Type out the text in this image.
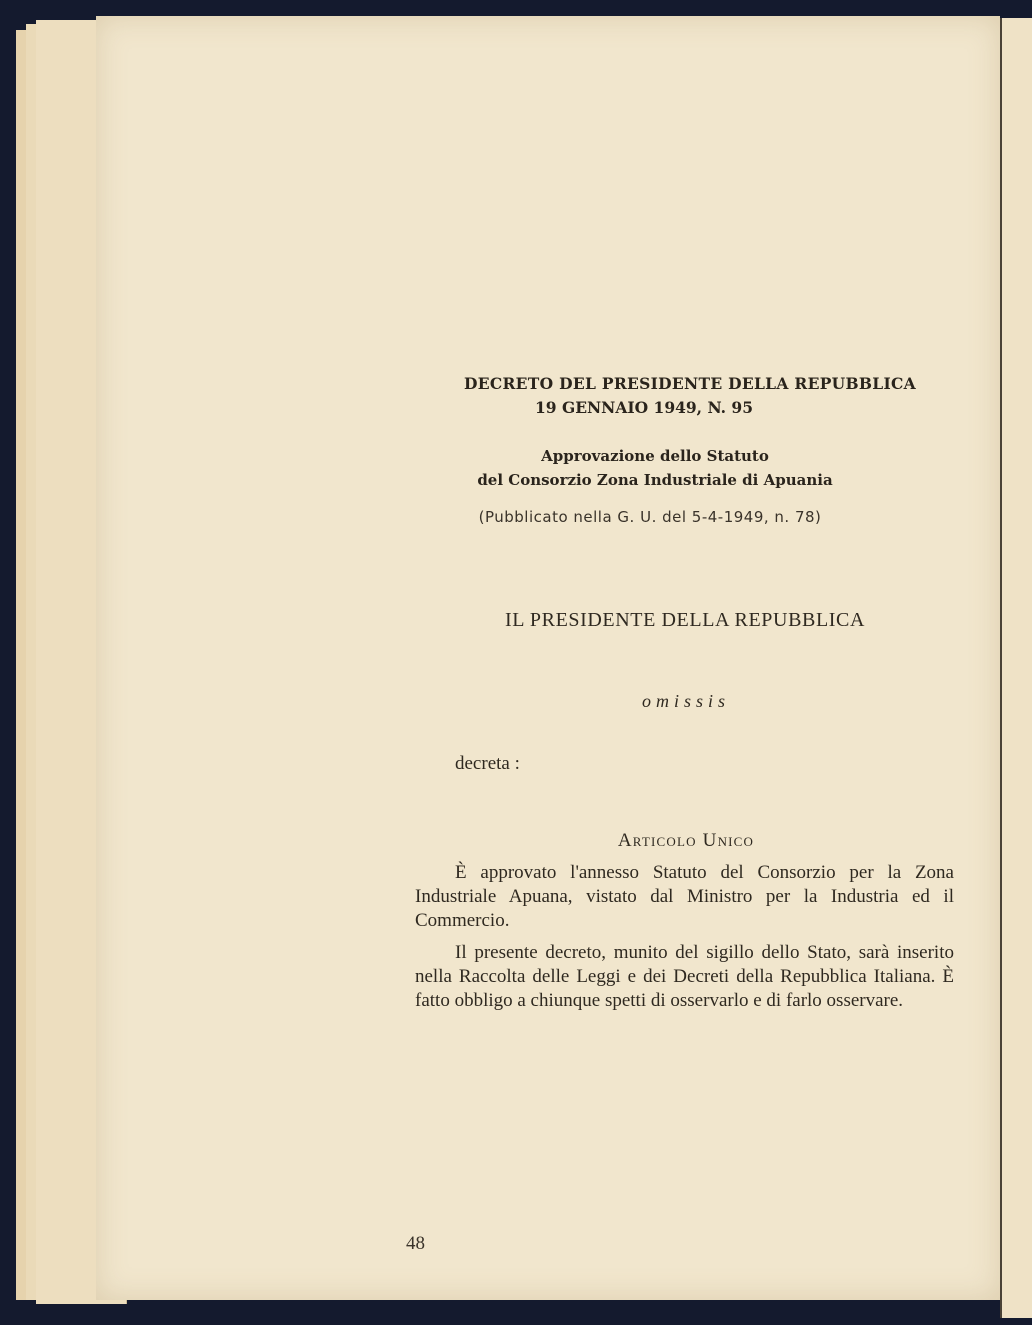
DECRETO DEL PRESIDENTE DELLA REPUBBLICA
19 GENNAIO 1949, N. 95
Approvazione dello Statuto
del Consorzio Zona Industriale di Apuania
(Pubblicato nella G. U. del 5-4-1949, n. 78)
IL PRESIDENTE DELLA REPUBBLICA
omissis
decreta :
Articolo Unico

È approvato l'annesso Statuto del Consorzio per la Zona Industriale Apuana, vistato dal Ministro per la Industria ed il Commercio.

Il presente decreto, munito del sigillo dello Stato, sarà inserito nella Raccolta delle Leggi e dei Decreti della Repubblica Italiana. È fatto obbligo a chiunque spetti di osservarlo e di farlo osservare.

48
